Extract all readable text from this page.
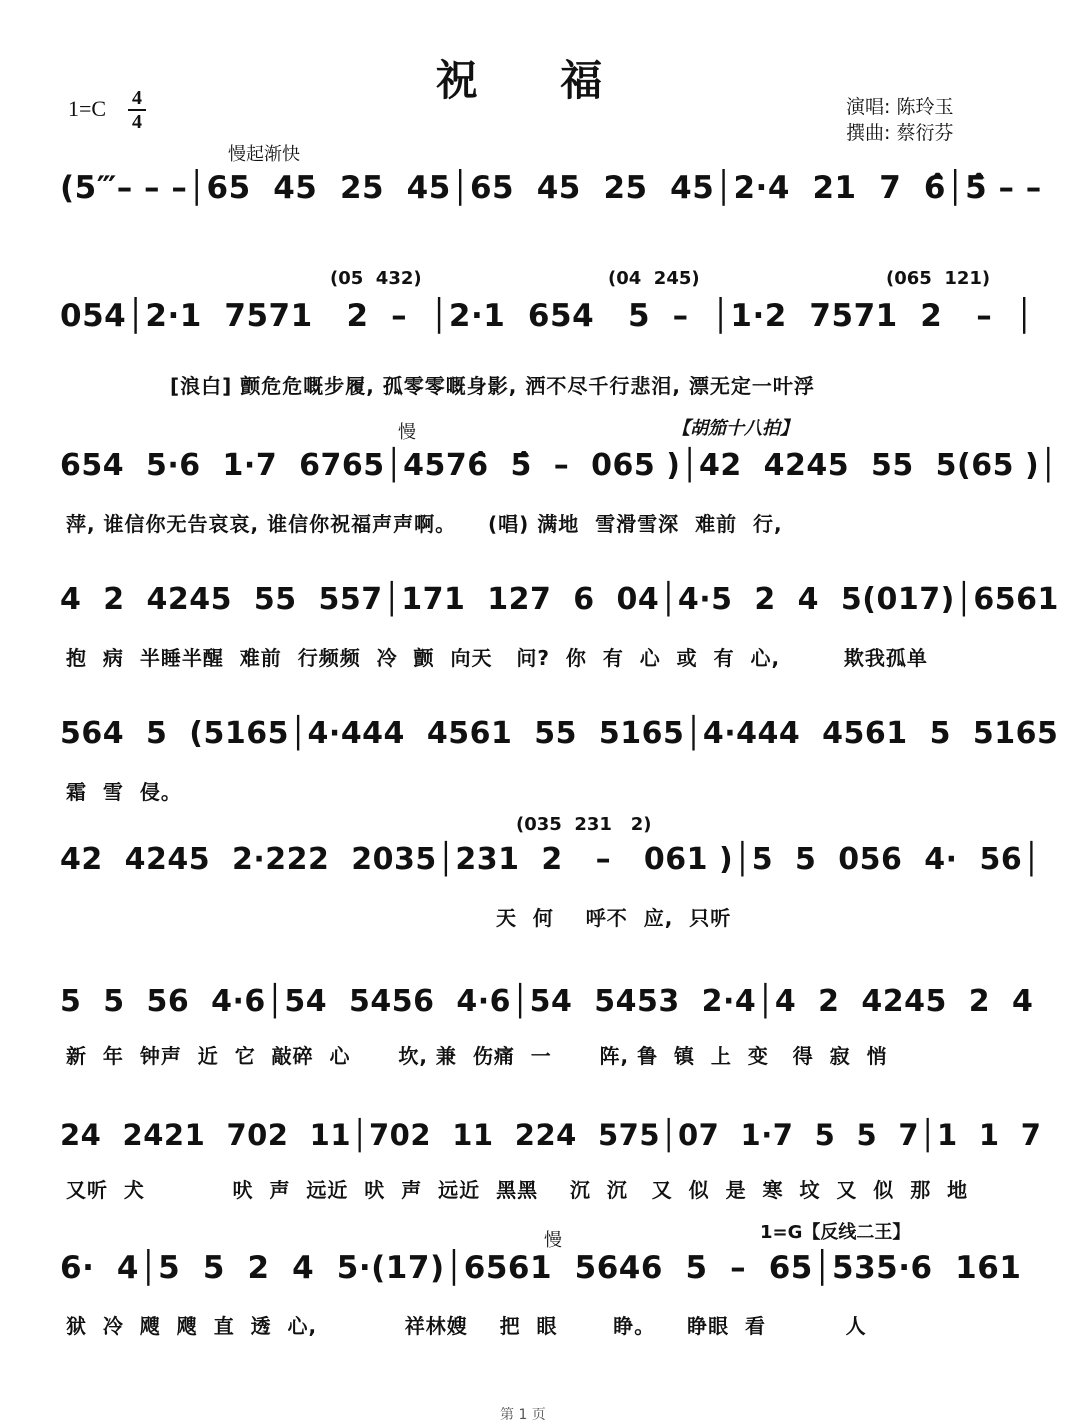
祝 福
1=C 4
4
演唱: 陈玲玉
撰曲: 蔡衍芬
慢起渐快
(5‴– – –│65  45  25  45│65  45  25  45│2·4  21  7  6̂│5̂ – –
(05  432)	(04  245)	(065  121)
054│2·1  7571   2  –  │2·1  654   5  –  │1·2  7571  2   –  │
[浪白] 颤危危嘅步履, 孤零零嘅身影, 洒不尽千行悲泪, 漂无定一叶浮
慢	【胡笳十八拍】
654  5·6  1·7  6765│4576̂  5̂  –  065 )│42  4245  55  5(65 )│
萍, 谁信你无告哀哀, 谁信你祝福声声啊。    (唱) 满地  雪滑雪深  难前  行,
4  2  4245  55  557│171  127  6  04│4·5  2  4  5(017)│6561
抱  病  半睡半醒  难前  行频频  冷  颤  向天   问?  你  有  心  或  有  心,        欺我孤单
564  5  (5165│4·444  4561  55  5165│4·444  4561  5  5165
霜  雪  侵。
(035  231   2)
42  4245  2·222  2035│231  2   –   061 )│5  5  056  4·  56│
天  何    呼不  应,  只听
5  5  56  4·6│54  5456  4·6│54  5453  2·4│4  2  4245  2  4
新  年  钟声  近  它  敲碎  心      坎, 兼  伤痛  一      阵, 鲁  镇  上  变   得  寂  悄
24  2421  702  11│702  11  224  575│07  1·7  5  5  7│1  1  7
又听  犬           吠  声  远近  吠  声  远近  黑黑    沉  沉   又  似  是  寒  坟  又  似  那  地
慢	1=G【反线二王】
6·  4│5  5  2  4  5·(17)│6561  5646  5  –  65│535·6  161
狱  冷  飕  飕  直  透  心,           祥林嫂    把  眼       睁。    睁眼  看          人
第 1 页
